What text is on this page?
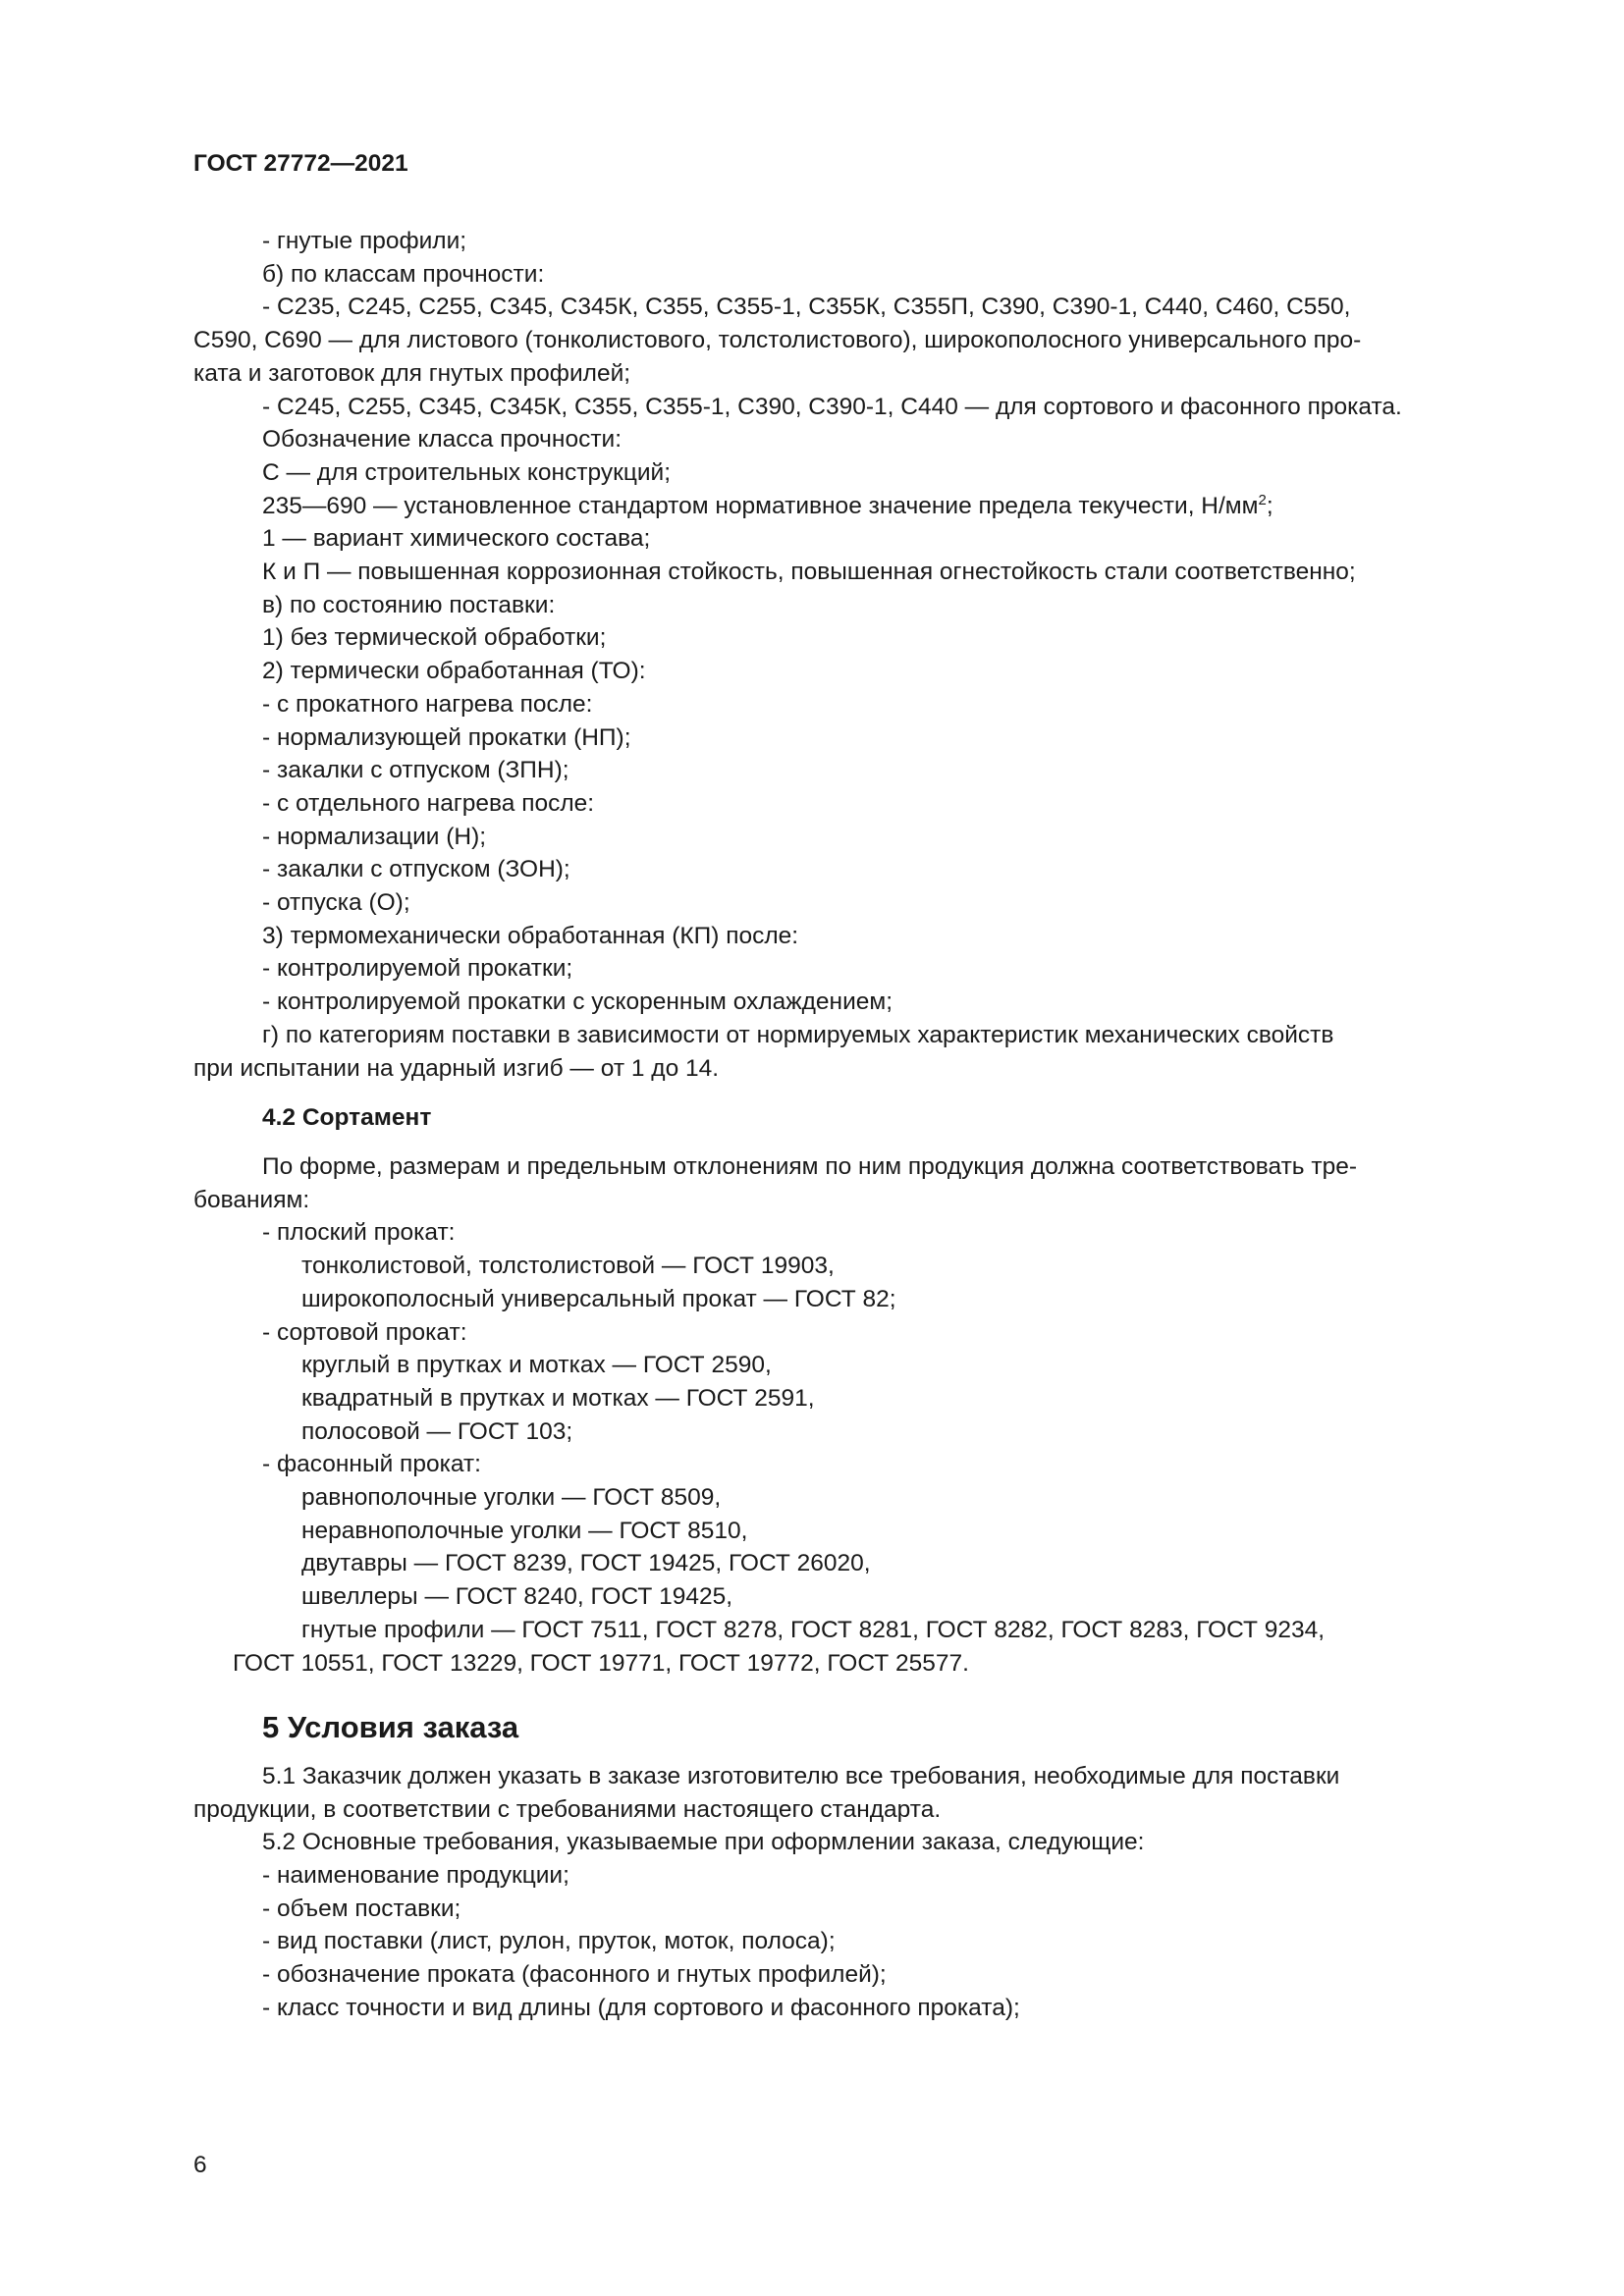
ГОСТ 27772—2021

- гнутые профили;

б) по классам прочности:

- С235, С245, С255, С345, С345К, С355, С355-1, С355К, С355П, С390, С390-1, С440, С460, С550,

С590, С690 — для листового (тонколистового, толстолистового), широкополосного универсального про-

ката и заготовок для гнутых профилей;

- С245, С255, С345, С345К, С355, С355-1, С390, С390-1, С440 — для сортового и фасонного проката.

Обозначение класса прочности:

С — для строительных конструкций;

235—690 — установленное стандартом нормативное значение предела текучести, $Н/мм^2$;

1 — вариант химического состава;

К и П — повышенная коррозионная стойкость, повышенная огнестойкость стали соответственно;

в) по состоянию поставки:

1) без термической обработки;

2) термически обработанная (ТО):

- с прокатного нагрева после:

- нормализующей прокатки (НП);

- закалки с отпуском (ЗПН);

- с отдельного нагрева после:

- нормализации (Н);

- закалки с отпуском (ЗОН);

- отпуска (О);

3) термомеханически обработанная (КП) после:

- контролируемой прокатки;

- контролируемой прокатки с ускоренным охлаждением;

г) по категориям поставки в зависимости от нормируемых характеристик механических свойств

при испытании на ударный изгиб — от 1 до 14.

4.2 Сортамент

По форме, размерам и предельным отклонениям по ним продукция должна соответствовать тре-

бованиям:

- плоский прокат:

тонколистовой, толстолистовой — ГОСТ 19903,

широкополосный универсальный прокат — ГОСТ 82;

- сортовой прокат:

круглый в прутках и мотках — ГОСТ 2590,

квадратный в прутках и мотках — ГОСТ 2591,

полосовой — ГОСТ 103;

- фасонный прокат:

равнополочные уголки — ГОСТ 8509,

неравнополочные уголки — ГОСТ 8510,

двутавры — ГОСТ 8239, ГОСТ 19425, ГОСТ 26020,

швеллеры — ГОСТ 8240, ГОСТ 19425,

гнутые профили — ГОСТ 7511, ГОСТ 8278, ГОСТ 8281, ГОСТ 8282, ГОСТ 8283, ГОСТ 9234,

ГОСТ 10551, ГОСТ 13229, ГОСТ 19771, ГОСТ 19772, ГОСТ 25577.

5 Условия заказа

5.1 Заказчик должен указать в заказе изготовителю все требования, необходимые для поставки

продукции, в соответствии с требованиями настоящего стандарта.

5.2 Основные требования, указываемые при оформлении заказа, следующие:

- наименование продукции;

- объем поставки;

- вид поставки (лист, рулон, пруток, моток, полоса);

- обозначение проката (фасонного и гнутых профилей);

- класс точности и вид длины (для сортового и фасонного проката);

6
